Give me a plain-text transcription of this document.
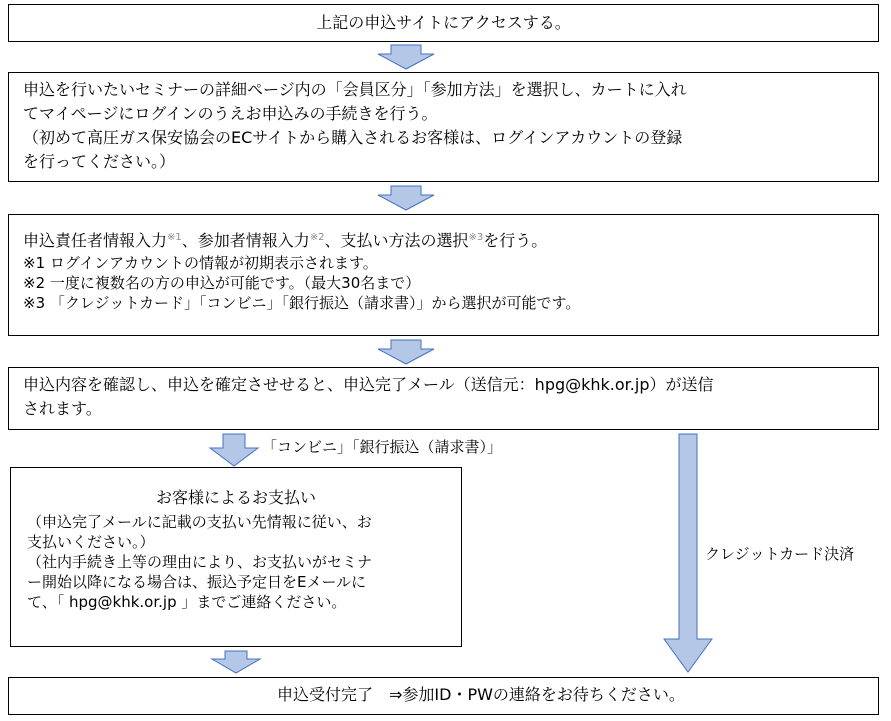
上記の申込サイトにアクセスする。
申込を行いたいセミナーの詳細ページ内の「会員区分」「参加方法」を選択し、カートに入れ
てマイページにログインのうえお申込みの手続きを行う。
（初めて高圧ガス保安協会のECサイトから購入されるお客様は、ログインアカウントの登録
を行ってください。）
申込責任者情報入力$^{※1}$、参加者情報入力$^{※2}$、支払い方法の選択$^{※3}$を行う。
※1 ログインアカウントの情報が初期表示されます。
※2 一度に複数名の方の申込が可能です。（最大30名まで）
※3 「クレジットカード」「コンビニ」「銀行振込（請求書）」から選択が可能です。
申込内容を確認し、申込を確定させせると、申込完了メール（送信元：hpg@khk.or.jp）が送信
されます。
「コンビニ」「銀行振込（請求書）」
クレジットカード決済
お客様によるお支払い
（申込完了メールに記載の支払い先情報に従い、お
支払いください。）
（社内手続き上等の理由により、お支払いがセミナ
ー開始以降になる場合は、振込予定日をEメールに
て、「 hpg@khk.or.jp 」までご連絡ください。
申込受付完了　⇒参加ID・PWの連絡をお待ちください。
